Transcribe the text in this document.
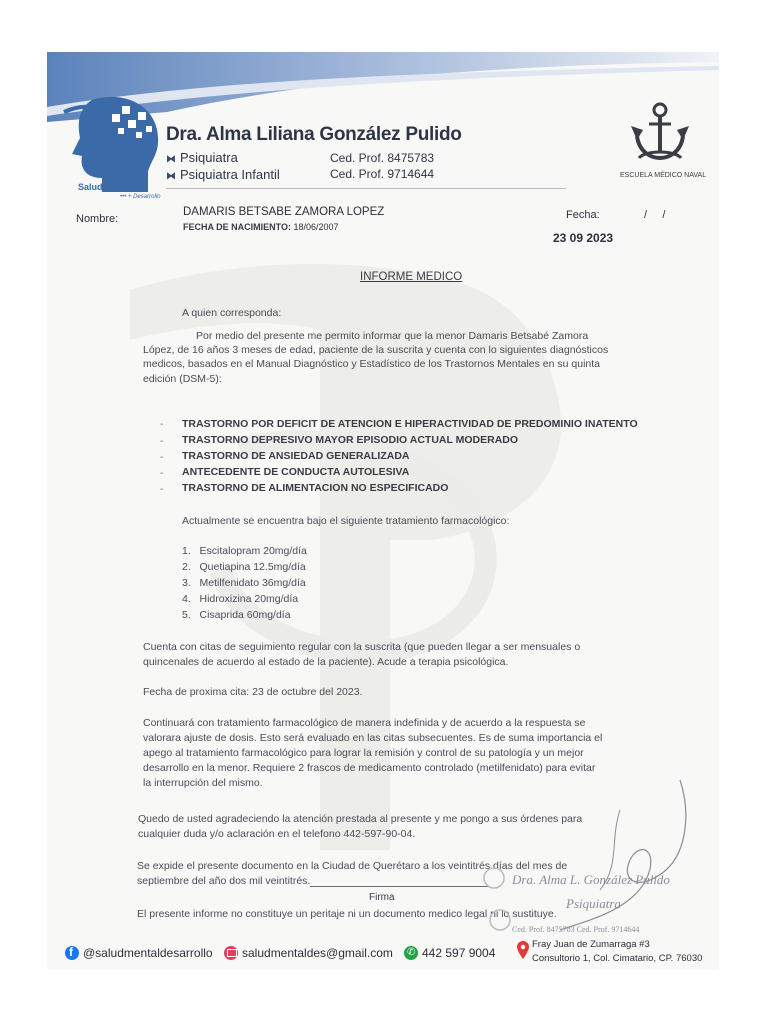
Salud Mental
••• + Desarrollo
Dra. Alma Liliana González Pulido
⧓ Psiquiatra
⧓ Psiquiatra Infantil
Ced. Prof. 8475783
Ced. Prof. 9714644	ESCUELA MÉDICO NAVAL
Nombre:
DAMARIS BETSABE ZAMORA LOPEZ
FECHA DE NACIMIENTO: 18/06/2007
Fecha:	/     /
23 09 2023
INFORME MEDICO
A quien corresponda:
Por medio del presente me permito informar que la menor Damaris Betsabé Zamora
López, de 16 años 3 meses de edad, paciente de la suscrita y cuenta con lo siguientes diagnósticos
medicos, basados en el Manual Diagnóstico y Estadístico de los Trastornos Mentales en su quinta
edición (DSM-5):
-
-
-
-
-
TRASTORNO POR DEFICIT DE ATENCION E HIPERACTIVIDAD DE PREDOMINIO INATENTO
TRASTORNO DEPRESIVO MAYOR EPISODIO ACTUAL MODERADO
TRASTORNO DE ANSIEDAD GENERALIZADA
ANTECEDENTE DE CONDUCTA AUTOLESIVA
TRASTORNO DE ALIMENTACION NO ESPECIFICADO
Actualmente se encuentra bajo el siguiente tratamiento farmacológico:
1.   Escitalopram 20mg/día
2.   Quetiapina 12.5mg/día
3.   Metilfenidato 36mg/día
4.   Hidroxizina 20mg/día
5.   Cisaprida 60mg/día
Cuenta con citas de seguimiento regular con la suscrita (que pueden llegar a ser mensuales o
quincenales de acuerdo al estado de la paciente). Acude a terapia psicológica.
Fecha de proxima cita: 23 de octubre del 2023.
Continuará con tratamiento farmacológico de manera indefinida y de acuerdo a la respuesta se
valorara ajuste de dosis. Esto será evaluado en las citas subsecuentes. Es de suma importancia el
apego al tratamiento farmacológico para lograr la remisión y control de su patología y un mejor
desarrollo en la menor. Requiere 2 frascos de medicamento controlado (metilfenidato) para evitar
la interrupción del mismo.
Quedo de usted agradeciendo la atención prestada al presente y me pongo a sus órdenes para
cualquier duda y/o aclaración en el telefono 442-597-90-04.
Se expide el presente documento en la Ciudad de Querétaro a los veintitrés días del mes de
septiembre del año dos mil veintitrés.
Firma
El presente informe no constituye un peritaje ni un documento medico legal ni lo sustituye.
Dra. Alma L. González Pulido
Psiquiatra
Ced. Prof. 8475783 Ced. Prof. 9714644
f @saludmentaldesarrollo saludmentaldes@gmail.com ✆ 442 597 9004
Fray Juan de Zumarraga #3
Consultorio 1, Col. Cimatario, CP. 76030
